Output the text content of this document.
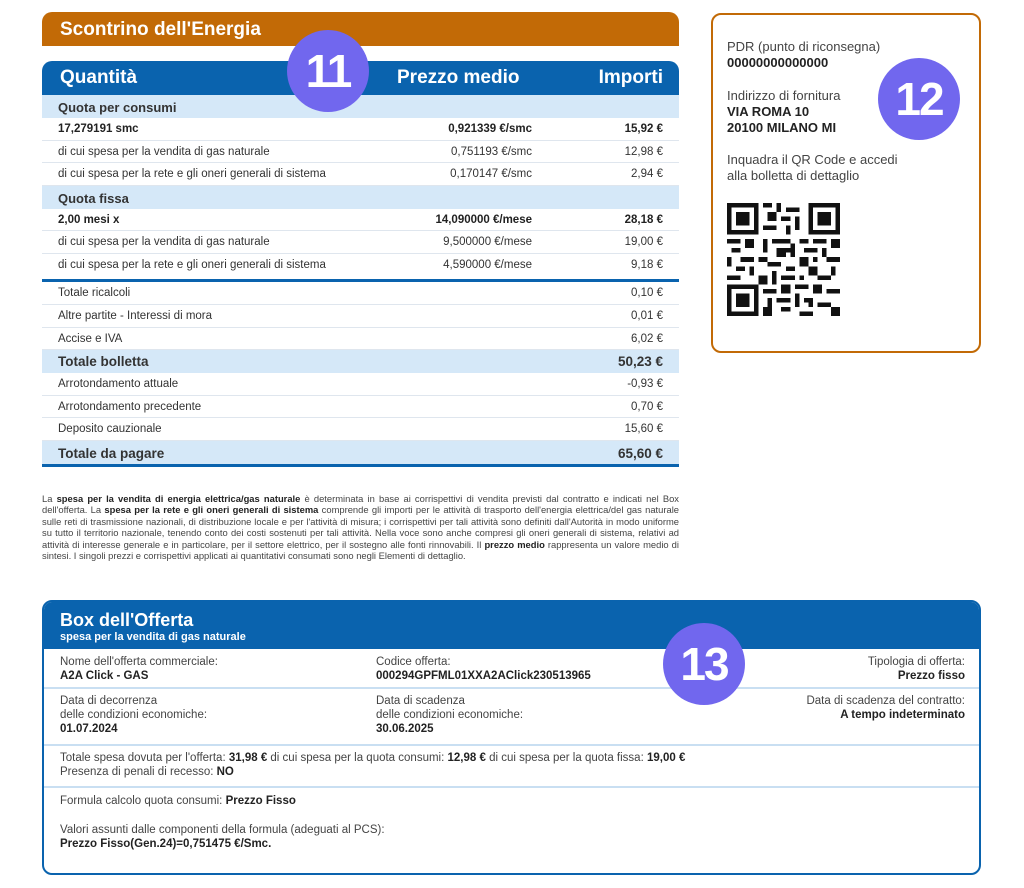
Scontrino dell'Energia
Quantità	Prezzo medio	Importi
Quota per consumi
17,279191 smc	0,921339 €/smc	15,92 €
di cui spesa per la vendita di gas naturale	0,751193 €/smc	12,98 €
di cui spesa per la rete e gli oneri generali di sistema	0,170147 €/smc	2,94 €
Quota fissa
2,00 mesi x	14,090000 €/mese	28,18 €
di cui spesa per la vendita di gas naturale	9,500000 €/mese	19,00 €
di cui spesa per la rete e gli oneri generali di sistema	4,590000 €/mese	9,18 €
Totale ricalcoli	0,10 €
Altre partite - Interessi di mora	0,01 €
Accise e IVA	6,02 €
Totale bolletta	50,23 €
Arrotondamento attuale	-0,93 €
Arrotondamento precedente	0,70 €
Deposito cauzionale	15,60 €
Totale da pagare	65,60 €
11
La spesa per la vendita di energia elettrica/gas naturale è determinata in base ai corrispettivi di vendita previsti dal contratto e indicati nel Box dell'offerta. La spesa per la rete e gli oneri generali di sistema comprende gli importi per le attività di trasporto dell'energia elettrica/del gas naturale sulle reti di trasmissione nazionali, di distribuzione locale e per l'attività di misura; i corrispettivi per tali attività sono definiti dall'Autorità in modo uniforme su tutto il territorio nazionale, tenendo conto dei costi sostenuti per tali attività. Nella voce sono anche compresi gli oneri generali di sistema, relativi ad attività di interesse generale e in particolare, per il settore elettrico, per il sostegno alle fonti rinnovabili. Il prezzo medio rappresenta un valore medio di sintesi. I singoli prezzi e corrispettivi applicati ai quantitativi consumati sono negli Elementi di dettaglio.
PDR (punto di riconsegna)
00000000000000
Indirizzo di fornitura
VIA ROMA 10
20100 MILANO MI
Inquadra il QR Code e accedi
alla bolletta di dettaglio
12
Box dell'Offerta
spesa per la vendita di gas naturale
Nome dell'offerta commerciale:
A2A Click - GAS
Codice offerta:
000294GPFML01XXA2AClick230513965
Tipologia di offerta:
Prezzo fisso
Data di decorrenza
delle condizioni economiche:
01.07.2024
Data di scadenza
delle condizioni economiche:
30.06.2025
Data di scadenza del contratto:
A tempo indeterminato
Totale spesa dovuta per l'offerta: 31,98 € di cui spesa per la quota consumi: 12,98 € di cui spesa per la quota fissa: 19,00 €
Presenza di penali di recesso: NO
Formula calcolo quota consumi: Prezzo Fisso
Valori assunti dalle componenti della formula (adeguati al PCS):
Prezzo Fisso(Gen.24)=0,751475 €/Smc.
13
